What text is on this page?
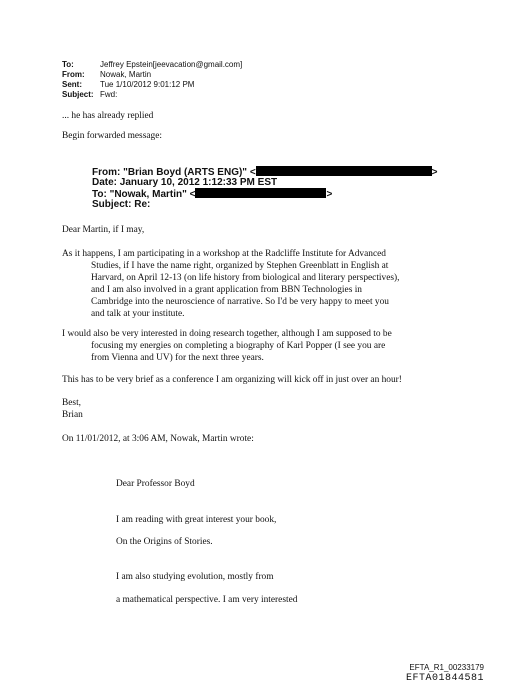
To:	Jeffrey Epstein[jeevacation@gmail.com]
From: Nowak, Martin
Sent: Tue 1/10/2012 9:01:12 PM
Subject: Fwd:

... he has already replied

Begin forwarded message:

From: "Brian Boyd (ARTS ENG)" <	>
Date: January 10, 2012 1:12:33 PM EST
To: "Nowak, Martin" <	>
Subject: Re:

Dear Martin, if I may,

As it happens, I am participating in a workshop at the Radcliffe Institute for Advanced

Studies, if I have the name right, organized by Stephen Greenblatt in English at

Harvard, on April 12-13 (on life history from biological and literary perspectives),

and I am also involved in a grant application from BBN Technologies in

Cambridge into the neuroscience of narrative. So I'd be very happy to meet you

and talk at your institute.

I would also be very interested in doing research together, although I am supposed to be

focusing my energies on completing a biography of Karl Popper (I see you are

from Vienna and UV) for the next three years.

This has to be very brief as a conference I am organizing will kick off in just over an hour!

Best,

Brian

On 11/01/2012, at 3:06 AM, Nowak, Martin wrote:

Dear Professor Boyd

I am reading with great interest your book,

On the Origins of Stories.

I am also studying evolution, mostly from

a mathematical perspective. I am very interested

EFTA_R1_00233179
EFTA01844581
